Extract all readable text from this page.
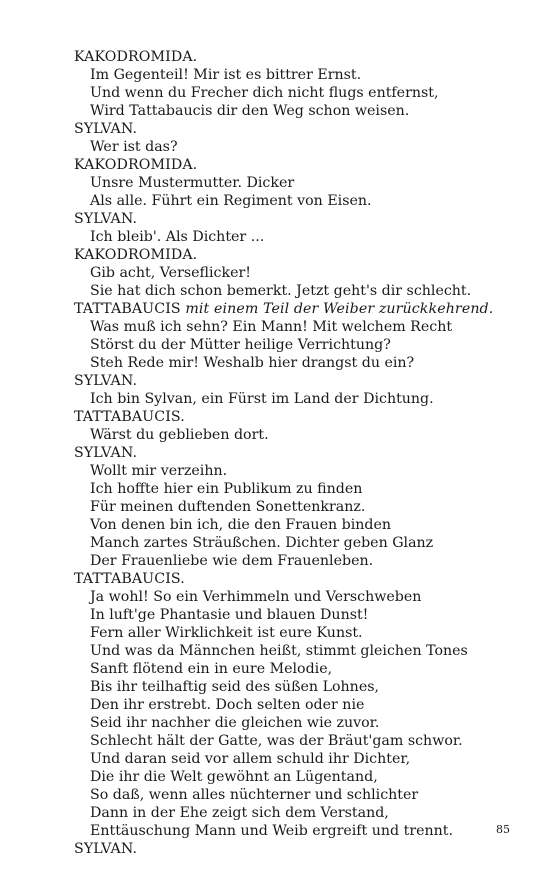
KAKODROMIDA.
Im Gegenteil! Mir ist es bittrer Ernst.
Und wenn du Frecher dich nicht flugs entfernst,
Wird Tattabaucis dir den Weg schon weisen.
SYLVAN.
Wer ist das?
KAKODROMIDA.
Unsre Mustermutter. Dicker
Als alle. Führt ein Regiment von Eisen.
SYLVAN.
Ich bleib'. Als Dichter ...
KAKODROMIDA.
Gib acht, Verseflicker!
Sie hat dich schon bemerkt. Jetzt geht's dir schlecht.
TATTABAUCIS mit einem Teil der Weiber zurückkehrend.
Was muß ich sehn? Ein Mann! Mit welchem Recht
Störst du der Mütter heilige Verrichtung?
Steh Rede mir! Weshalb hier drangst du ein?
SYLVAN.
Ich bin Sylvan, ein Fürst im Land der Dichtung.
TATTABAUCIS.
Wärst du geblieben dort.
SYLVAN.
Wollt mir verzeihn.
Ich hoffte hier ein Publikum zu finden
Für meinen duftenden Sonettenkranz.
Von denen bin ich, die den Frauen binden
Manch zartes Sträußchen. Dichter geben Glanz
Der Frauenliebe wie dem Frauenleben.
TATTABAUCIS.
Ja wohl! So ein Verhimmeln und Verschweben
In luft'ge Phantasie und blauen Dunst!
Fern aller Wirklichkeit ist eure Kunst.
Und was da Männchen heißt, stimmt gleichen Tones
Sanft flötend ein in eure Melodie,
Bis ihr teilhaftig seid des süßen Lohnes,
Den ihr erstrebt. Doch selten oder nie
Seid ihr nachher die gleichen wie zuvor.
Schlecht hält der Gatte, was der Bräut'gam schwor.
Und daran seid vor allem schuld ihr Dichter,
Die ihr die Welt gewöhnt an Lügentand,
So daß, wenn alles nüchterner und schlichter
Dann in der Ehe zeigt sich dem Verstand,
Enttäuschung Mann und Weib ergreift und trennt.
SYLVAN.
85
